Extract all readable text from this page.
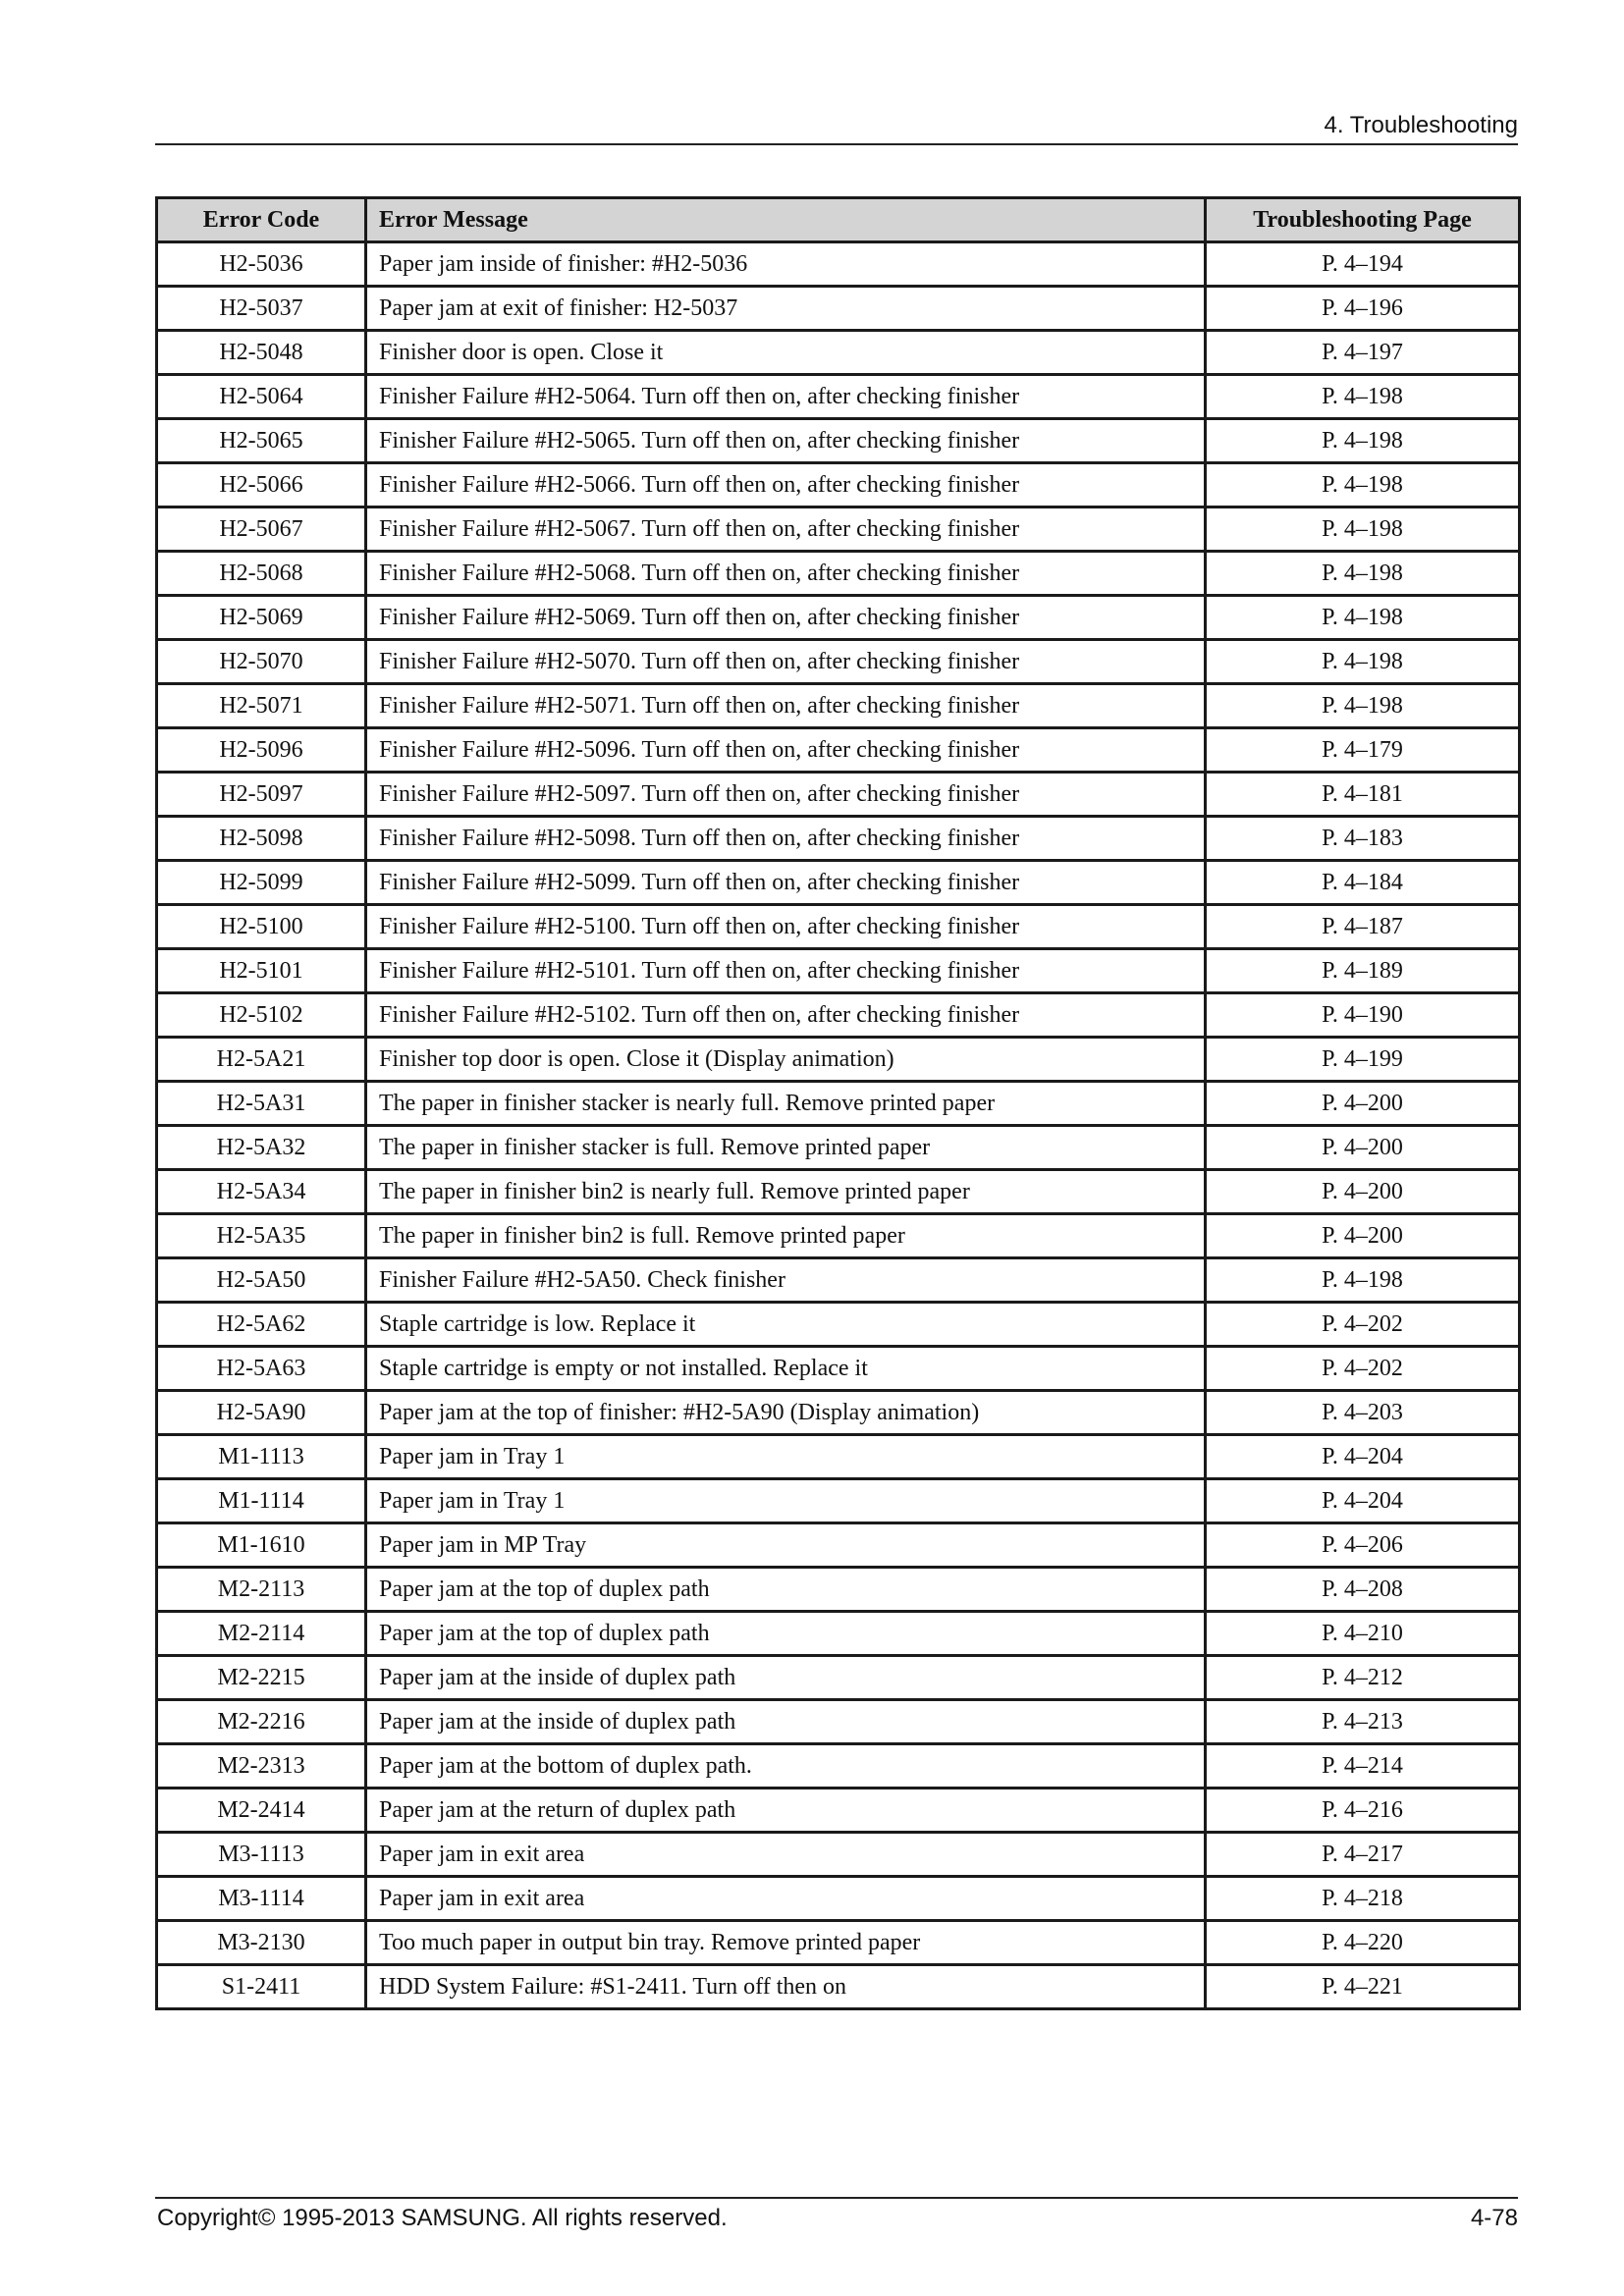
4. Troubleshooting
Error Code	Error Message	Troubleshooting Page
H2-5036	Paper jam inside of finisher: #H2-5036	P. 4–194
H2-5037	Paper jam at exit of finisher: H2-5037	P. 4–196
H2-5048	Finisher door is open. Close it	P. 4–197
H2-5064	Finisher Failure #H2-5064. Turn off then on, after checking finisher	P. 4–198
H2-5065	Finisher Failure #H2-5065. Turn off then on, after checking finisher	P. 4–198
H2-5066	Finisher Failure #H2-5066. Turn off then on, after checking finisher	P. 4–198
H2-5067	Finisher Failure #H2-5067. Turn off then on, after checking finisher	P. 4–198
H2-5068	Finisher Failure #H2-5068. Turn off then on, after checking finisher	P. 4–198
H2-5069	Finisher Failure #H2-5069. Turn off then on, after checking finisher	P. 4–198
H2-5070	Finisher Failure #H2-5070. Turn off then on, after checking finisher	P. 4–198
H2-5071	Finisher Failure #H2-5071. Turn off then on, after checking finisher	P. 4–198
H2-5096	Finisher Failure #H2-5096. Turn off then on, after checking finisher	P. 4–179
H2-5097	Finisher Failure #H2-5097. Turn off then on, after checking finisher	P. 4–181
H2-5098	Finisher Failure #H2-5098. Turn off then on, after checking finisher	P. 4–183
H2-5099	Finisher Failure #H2-5099. Turn off then on, after checking finisher	P. 4–184
H2-5100	Finisher Failure #H2-5100. Turn off then on, after checking finisher	P. 4–187
H2-5101	Finisher Failure #H2-5101. Turn off then on, after checking finisher	P. 4–189
H2-5102	Finisher Failure #H2-5102. Turn off then on, after checking finisher	P. 4–190
H2-5A21	Finisher top door is open. Close it (Display animation)	P. 4–199
H2-5A31	The paper in finisher stacker is nearly full. Remove printed paper	P. 4–200
H2-5A32	The paper in finisher stacker is full. Remove printed paper	P. 4–200
H2-5A34	The paper in finisher bin2 is nearly full. Remove printed paper	P. 4–200
H2-5A35	The paper in finisher bin2 is full. Remove printed paper	P. 4–200
H2-5A50	Finisher Failure #H2-5A50. Check finisher	P. 4–198
H2-5A62	Staple cartridge is low. Replace it	P. 4–202
H2-5A63	Staple cartridge is empty or not installed. Replace it	P. 4–202
H2-5A90	Paper jam at the top of finisher: #H2-5A90 (Display animation)	P. 4–203
M1-1113	Paper jam in Tray 1	P. 4–204
M1-1114	Paper jam in Tray 1	P. 4–204
M1-1610	Paper jam in MP Tray	P. 4–206
M2-2113	Paper jam at the top of duplex path	P. 4–208
M2-2114	Paper jam at the top of duplex path	P. 4–210
M2-2215	Paper jam at the inside of duplex path	P. 4–212
M2-2216	Paper jam at the inside of duplex path	P. 4–213
M2-2313	Paper jam at the bottom of duplex path.	P. 4–214
M2-2414	Paper jam at the return of duplex path	P. 4–216
M3-1113	Paper jam in exit area	P. 4–217
M3-1114	Paper jam in exit area	P. 4–218
M3-2130	Too much paper in output bin tray. Remove printed paper	P. 4–220
S1-2411	HDD System Failure: #S1-2411. Turn off then on	P. 4–221
Copyright© 1995-2013 SAMSUNG. All rights reserved.	4-78
